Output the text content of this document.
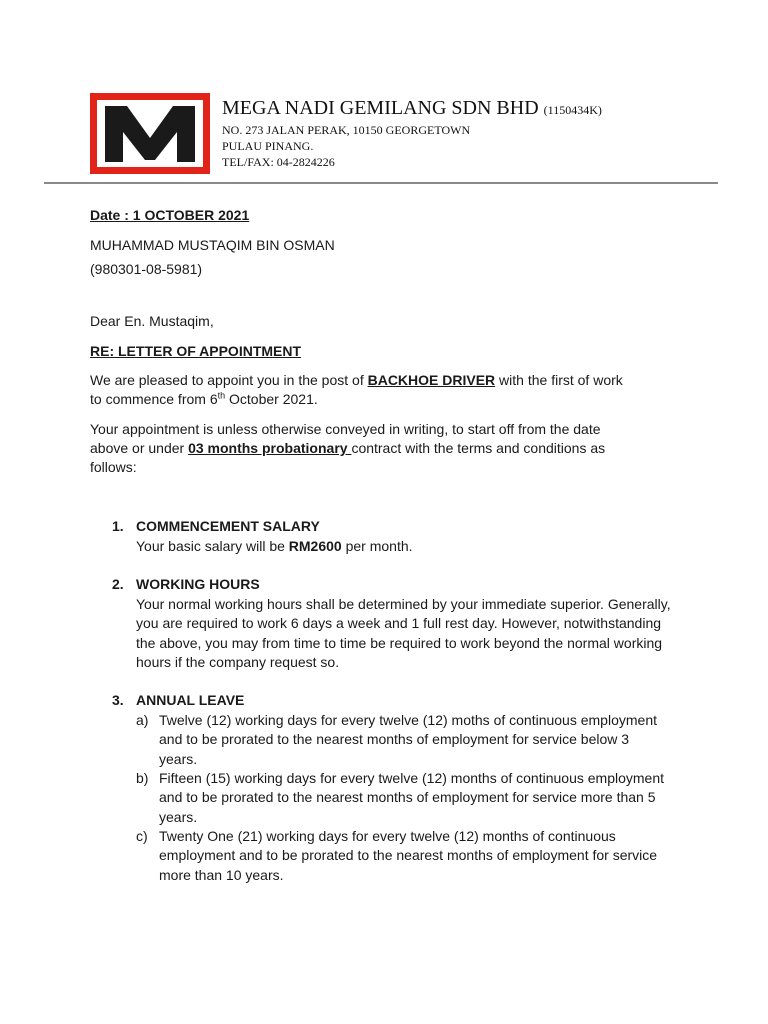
MEGA NADI GEMILANG SDN BHD (1150434K)
NO. 273 JALAN PERAK, 10150 GEORGETOWN
PULAU PINANG.
TEL/FAX: 04-2824226
Date : 1 OCTOBER 2021
MUHAMMAD MUSTAQIM BIN OSMAN
(980301-08-5981)
Dear En. Mustaqim,
RE: LETTER OF APPOINTMENT
We are pleased to appoint you in the post of BACKHOE DRIVER with the first of work
to commence from 6th October 2021.
Your appointment is unless otherwise conveyed in writing, to start off from the date
above or under 03 months probationary contract with the terms and conditions as
follows:
1. COMMENCEMENT SALARY
Your basic salary will be RM2600 per month.
2. WORKING HOURS
Your normal working hours shall be determined by your immediate superior. Generally, you are required to work 6 days a week and 1 full rest day. However, notwithstanding the above, you may from time to time be required to work beyond the normal working hours if the company request so.
3. ANNUAL LEAVE
a) Twelve (12) working days for every twelve (12) moths of continuous employment and to be prorated to the nearest months of employment for service below 3 years.
b) Fifteen (15) working days for every twelve (12) months of continuous employment and to be prorated to the nearest months of employment for service more than 5 years.
c) Twenty One (21) working days for every twelve (12) months of continuous employment and to be prorated to the nearest months of employment for service more than 10 years.
